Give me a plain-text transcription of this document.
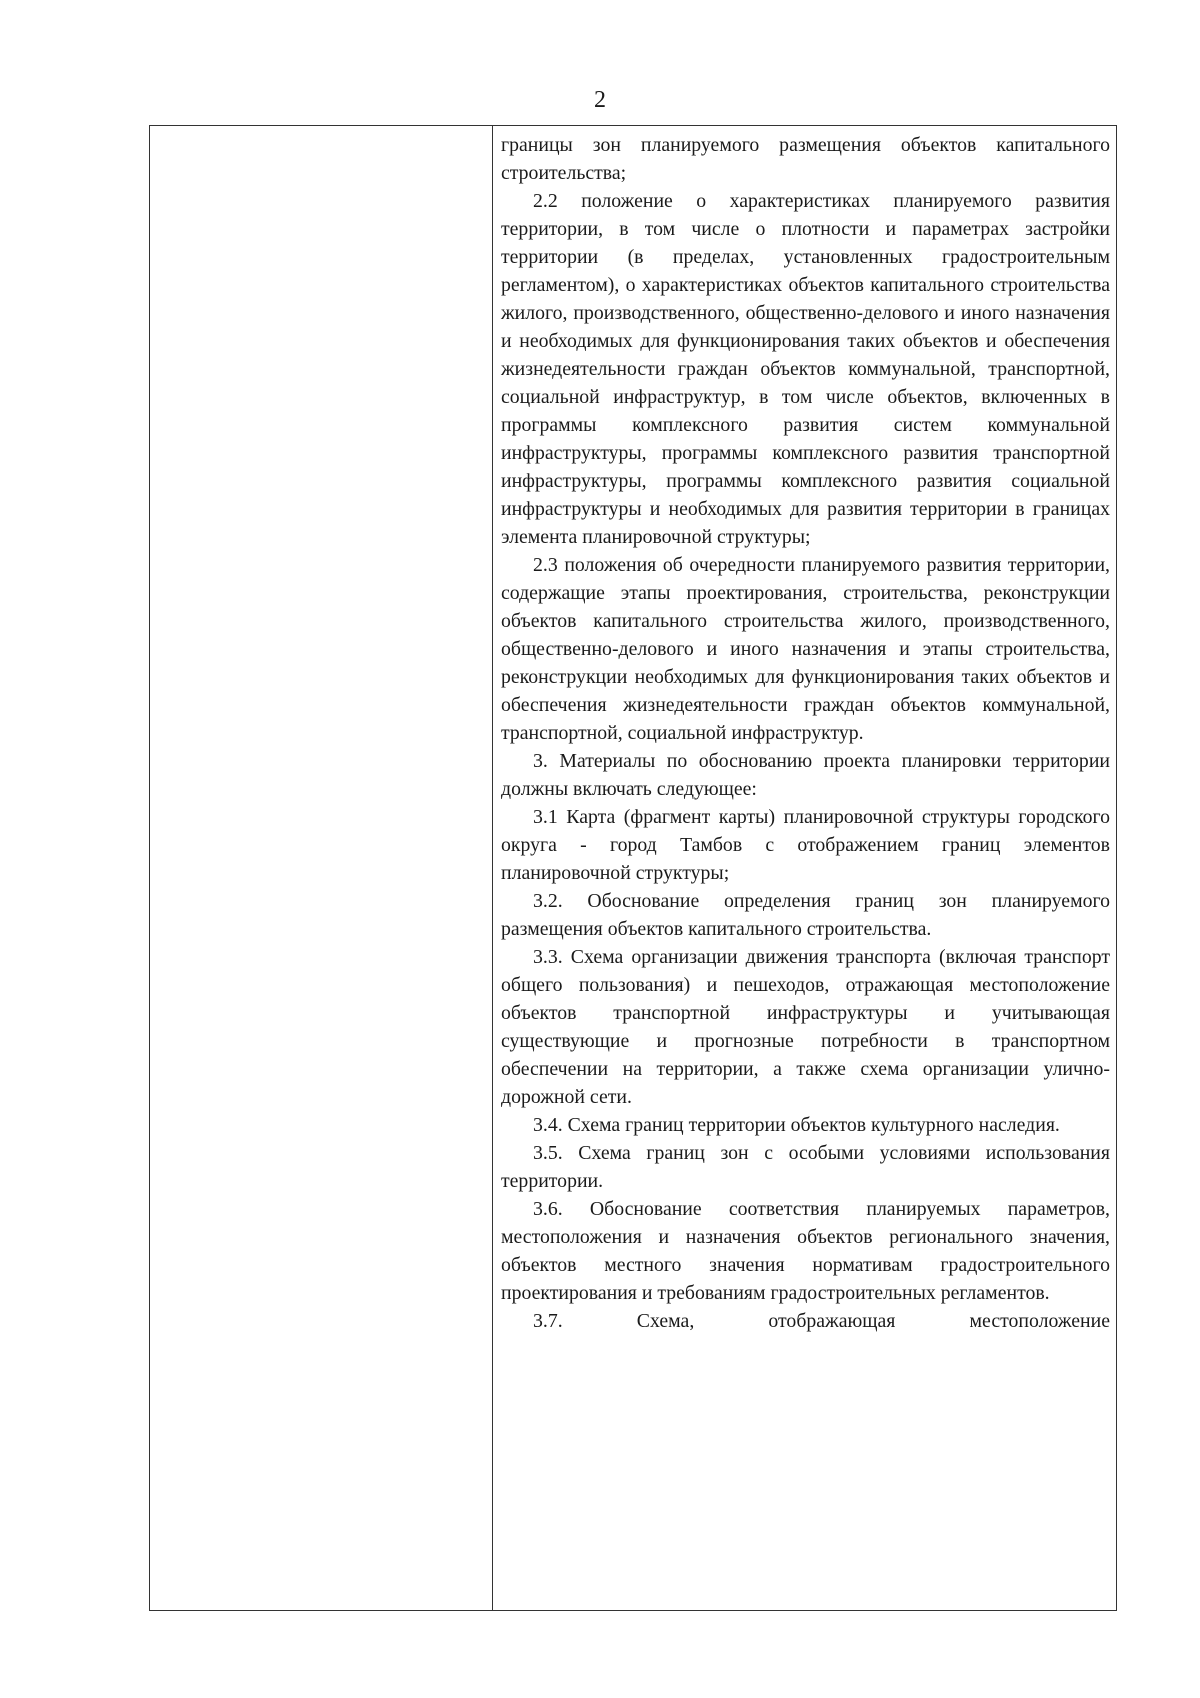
2

границы зон планируемого размещения объектов капитального строительства;

2.2 положение о характеристиках планируемого развития территории, в том числе о плотности и параметрах застройки территории (в пределах, установленных градостроительным регламентом), о характеристиках объектов капитального строительства жилого, производственного, общественно-делового и иного назначения и необходимых для функционирования таких объектов и обеспечения жизнедеятельности граждан объектов коммунальной, транспортной, социальной инфраструктур, в том числе объектов, включенных в программы комплексного развития систем коммунальной инфраструктуры, программы комплексного развития транспортной инфраструктуры, программы комплексного развития социальной инфраструктуры и необходимых для развития территории в границах элемента планировочной структуры;

2.3 положения об очередности планируемого развития территории, содержащие этапы проектирования, строительства, реконструкции объектов капитального строительства жилого, производственного, общественно-делового и иного назначения и этапы строительства, реконструкции необходимых для функционирования таких объектов и обеспечения жизнедеятельности граждан объектов коммунальной, транспортной, социальной инфраструктур.

3. Материалы по обоснованию проекта планировки территории должны включать следующее:

3.1 Карта (фрагмент карты) планировочной структуры городского округа - город Тамбов с отображением границ элементов планировочной структуры;

3.2. Обоснование определения границ зон планируемого размещения объектов капитального строительства.

3.3. Схема организации движения транспорта (включая транспорт общего пользования) и пешеходов, отражающая местоположение объектов транспортной инфраструктуры и учитывающая существующие и прогнозные потребности в транспортном обеспечении на территории, а также схема организации улично-дорожной сети.

3.4. Схема границ территории объектов культурного наследия.

3.5. Схема границ зон с особыми условиями использования территории.

3.6. Обоснование соответствия планируемых параметров, местоположения и назначения объектов регионального значения, объектов местного значения нормативам градостроительного проектирования и требованиям градостроительных регламентов.

3.7. Схема, отображающая местоположение
